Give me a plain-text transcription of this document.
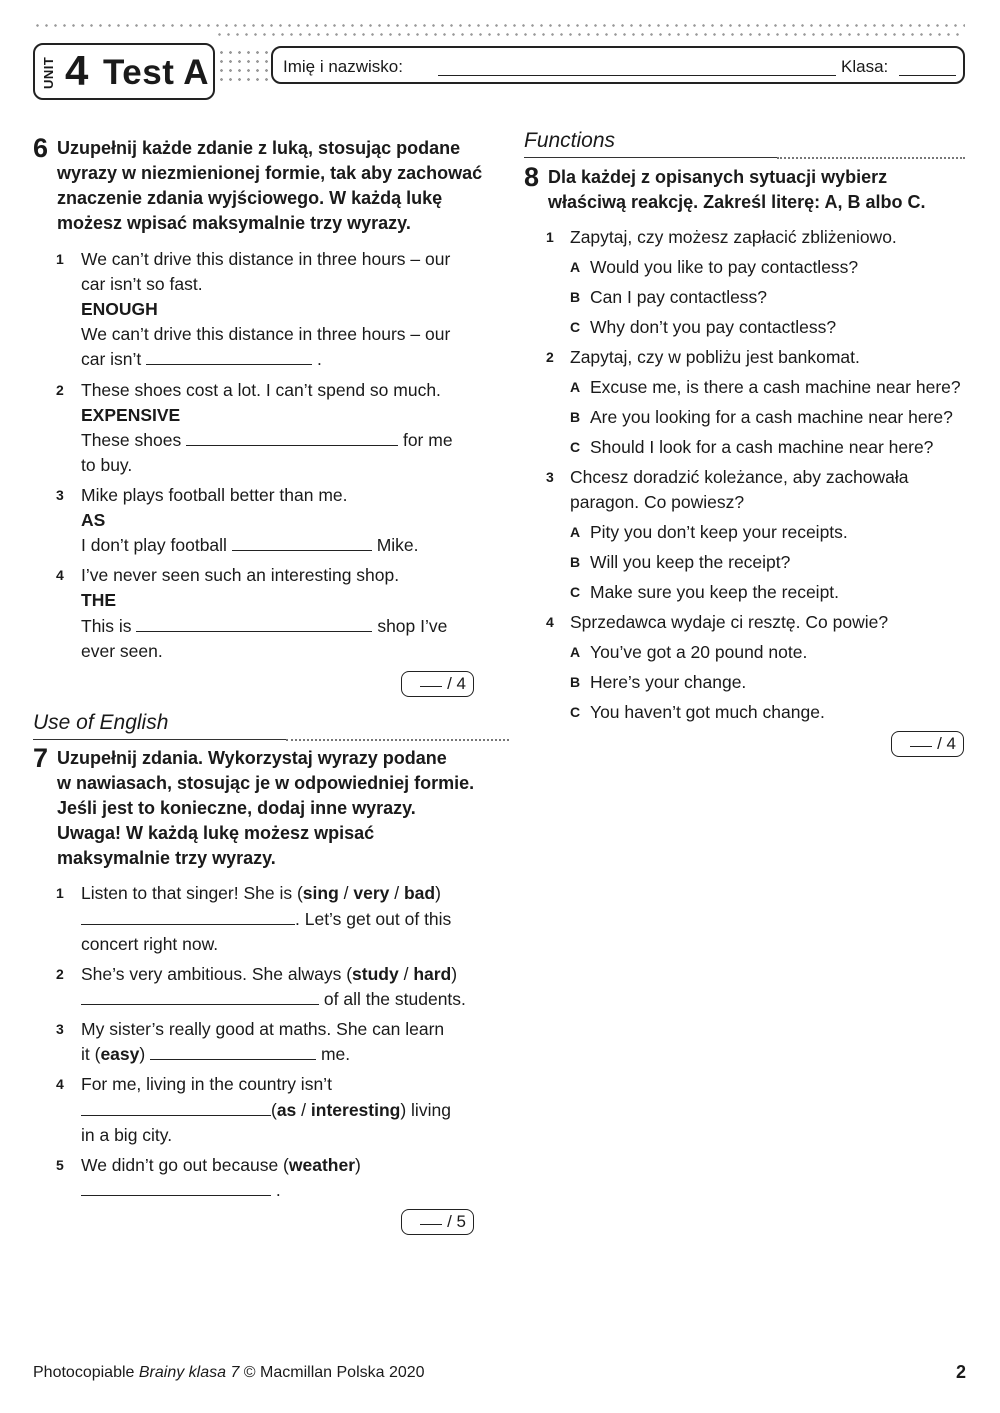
UNIT 4 Test A	Imię i nazwisko:	Klasa:
6 Uzupełnij każde zdanie z luką, stosując podane
wyrazy w niezmienionej formie, tak aby zachować
znaczenie zdania wyjściowego. W każdą lukę
możesz wpisać maksymalnie trzy wyrazy.
1 We can’t drive this distance in three hours – our
car isn’t so fast.
ENOUGH
We can’t drive this distance in three hours – our
car isn’t	.
2 These shoes cost a lot. I can’t spend so much.
EXPENSIVE
These shoes	for me
to buy.
3 Mike plays football better than me.
AS
I don’t play football	Mike.
4 I’ve never seen such an interesting shop.
THE
This is	shop I’ve
ever seen.
/ 4
Use of English
7 Uzupełnij zdania. Wykorzystaj wyrazy podane
w nawiasach, stosując je w odpowiedniej formie.
Jeśli jest to konieczne, dodaj inne wyrazy.
Uwaga! W każdą lukę możesz wpisać
maksymalnie trzy wyrazy.
1 Listen to that singer! She is (sing / very / bad)
. Let’s get out of this
concert right now.
2 She’s very ambitious. She always (study / hard)
of all the students.
3 My sister’s really good at maths. She can learn
it (easy)	me.
4 For me, living in the country isn’t
(as / interesting) living
in a big city.
5 We didn’t go out because (weather)
.
/ 5
Functions
8 Dla każdej z opisanych sytuacji wybierz
właściwą reakcję. Zakreśl literę: A, B albo C.
1 Zapytaj, czy możesz zapłacić zbliżeniowo.
A Would you like to pay contactless?
B Can I pay contactless?
C Why don’t you pay contactless?
2 Zapytaj, czy w pobliżu jest bankomat.
A Excuse me, is there a cash machine near here?
B Are you looking for a cash machine near here?
C Should I look for a cash machine near here?
3 Chcesz doradzić koleżance, aby zachowała
paragon. Co powiesz?
A Pity you don’t keep your receipts.
B Will you keep the receipt?
C Make sure you keep the receipt.
4 Sprzedawca wydaje ci resztę. Co powie?
A You’ve got a 20 pound note.
B Here’s your change.
C You haven’t got much change.
/ 4
Photocopiable Brainy klasa 7 © Macmillan Polska 2020	2
